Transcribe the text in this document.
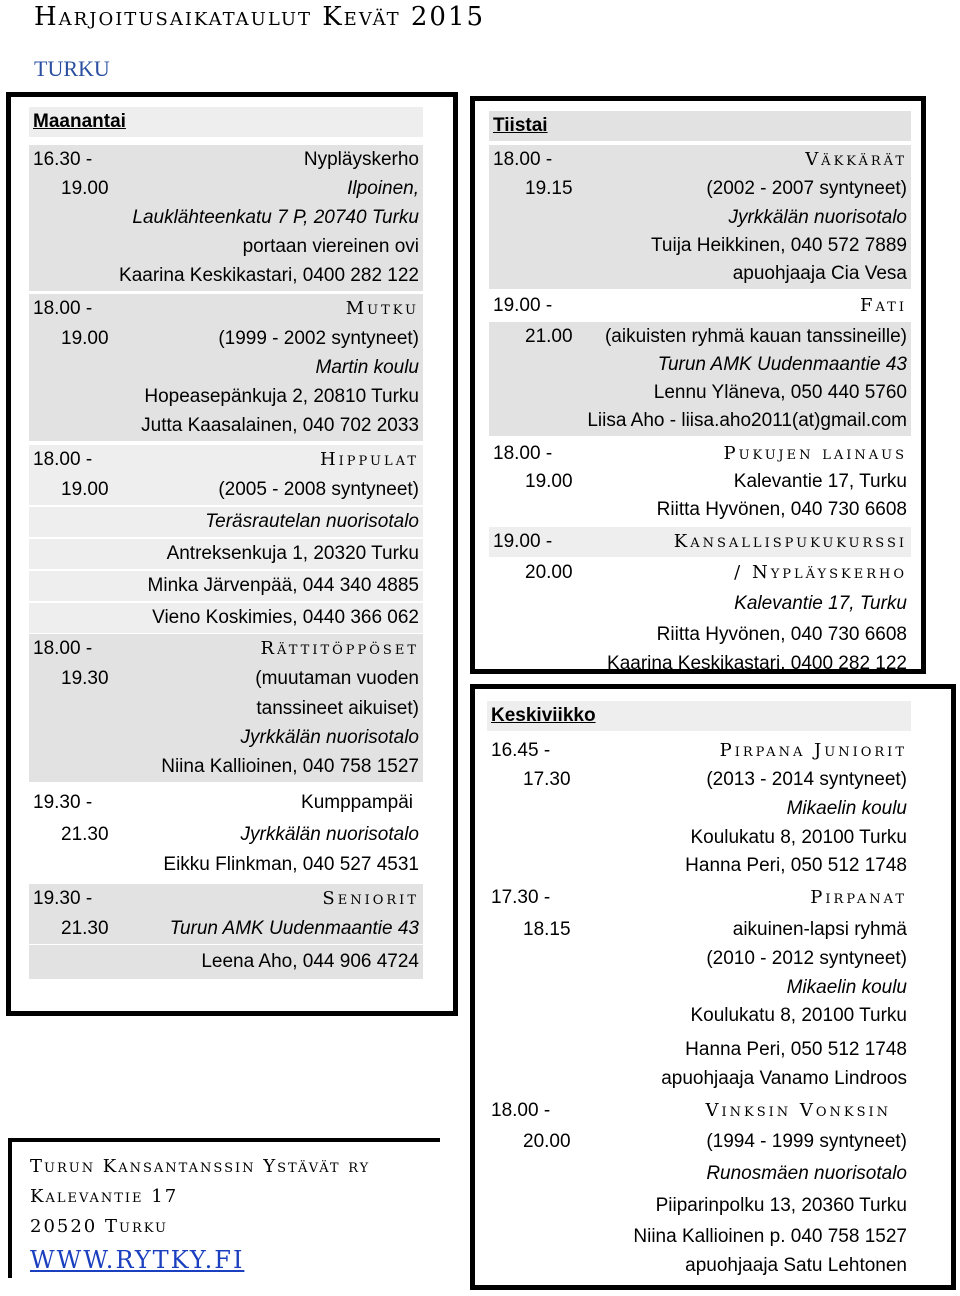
Harjoitusaikataulut Kevät 2015
TURKU
Maanantai
16.30 -	Nypläyskerho
19.00	Ilpoinen,
Lauklähteenkatu 7 P, 20740 Turku
portaan viereinen ovi
Kaarina Keskikastari, 0400 282 122
18.00 -	Mutku
19.00	(1999 - 2002 syntyneet)
Martin koulu
Hopeasepänkuja 2, 20810 Turku
Jutta Kaasalainen, 040 702 2033
18.00 -	Hippulat
19.00	(2005 - 2008 syntyneet)
Teräsrautelan nuorisotalo
Antreksenkuja 1, 20320 Turku
Minka Järvenpää, 044 340 4885
Vieno Koskimies, 0440 366 062
18.00 -	Rättitöppöset
19.30	(muutaman vuoden
tanssineet aikuiset)
Jyrkkälän nuorisotalo
Niina Kallioinen, 040 758 1527
19.30 -	Kumppampäi
21.30	Jyrkkälän nuorisotalo
Eikku Flinkman, 040 527 4531
19.30 -	Seniorit
21.30	Turun AMK Uudenmaantie 43
Leena Aho, 044 906 4724
Tiistai
18.00 -	Väkkärät
19.15	(2002 - 2007 syntyneet)
Jyrkkälän nuorisotalo
Tuija Heikkinen, 040 572 7889
apuohjaaja Cia Vesa
19.00 -	Fati
21.00 (aikuisten ryhmä kauan tanssineille)
Turun AMK Uudenmaantie 43
Lennu Yläneva, 050 440 5760
Liisa Aho - liisa.aho2011(at)gmail.com
18.00 -	Pukujen lainaus
19.00	Kalevantie 17, Turku
Riitta Hyvönen, 040 730 6608
19.00 -	Kansallispukukurssi
20.00	/ Nypläyskerho
Kalevantie 17, Turku
Riitta Hyvönen, 040 730 6608
Kaarina Keskikastari, 0400 282 122
Keskiviikko
16.45 -	Pirpana Juniorit
17.30	(2013 - 2014 syntyneet)
Mikaelin koulu
Koulukatu 8, 20100 Turku
Hanna Peri, 050 512 1748
17.30 -	Pirpanat
18.15	aikuinen-lapsi ryhmä
(2010 - 2012 syntyneet)
Mikaelin koulu
Koulukatu 8, 20100 Turku
Hanna Peri, 050 512 1748
apuohjaaja Vanamo Lindroos
18.00 -	Vinksin Vonksin
20.00	(1994 - 1999 syntyneet)
Runosmäen nuorisotalo
Piiparinpolku 13, 20360 Turku
Niina Kallioinen p. 040 758 1527
apuohjaaja Satu Lehtonen
Turun Kansantanssin Ystävät ry
Kalevantie 17
20520 Turku
WWW.RYTKY.FI
